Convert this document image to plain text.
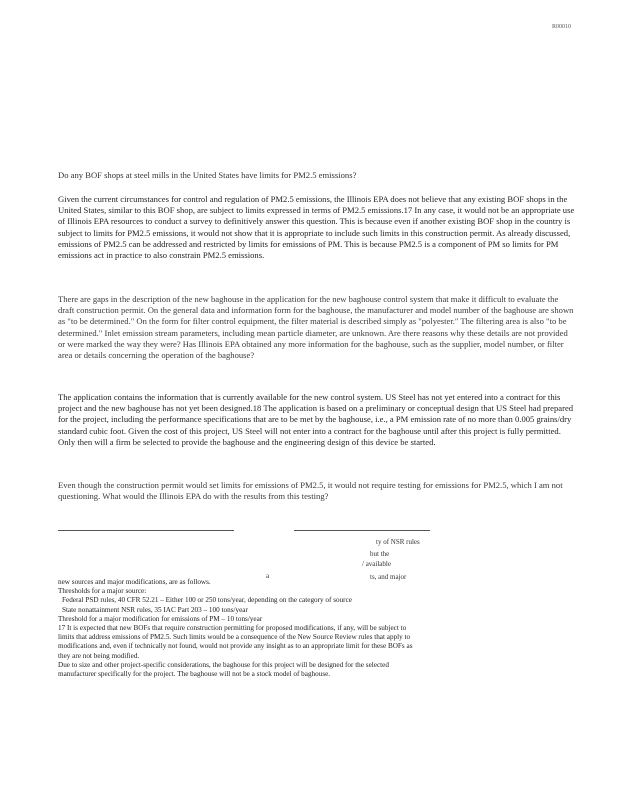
R00010
Do any BOF shops at steel mills in the United States have limits for PM2.5 emissions?
Given the current circumstances for control and regulation of PM2.5 emissions, the Illinois EPA does not believe that any existing BOF shops in the United States, similar to this BOF shop, are subject to limits expressed in terms of PM2.5 emissions.17 In any case, it would not be an appropriate use of Illinois EPA resources to conduct a survey to definitively answer this question. This is because even if another existing BOF shop in the country is subject to limits for PM2.5 emissions, it would not show that it is appropriate to include such limits in this construction permit. As already discussed, emissions of PM2.5 can be addressed and restricted by limits for emissions of PM. This is because PM2.5 is a component of PM so limits for PM emissions act in practice to also constrain PM2.5 emissions.
There are gaps in the description of the new baghouse in the application for the new baghouse control system that make it difficult to evaluate the draft construction permit. On the general data and information form for the baghouse, the manufacturer and model number of the baghouse are shown as "to be determined." On the form for filter control equipment, the filter material is described simply as "polyester." The filtering area is also "to be determined." Inlet emission stream parameters, including mean particle diameter, are unknown. Are there reasons why these details are not provided or were marked the way they were? Has Illinois EPA obtained any more information for the baghouse, such as the supplier, model number, or filter area or details concerning the operation of the baghouse?
The application contains the information that is currently available for the new control system. US Steel has not yet entered into a contract for this project and the new baghouse has not yet been designed.18 The application is based on a preliminary or conceptual design that US Steel had prepared for the project, including the performance specifications that are to be met by the baghouse, i.e., a PM emission rate of no more than 0.005 grains/dry standard cubic foot. Given the cost of this project, US Steel will not enter into a contract for the baghouse until after this project is fully permitted. Only then will a firm be selected to provide the baghouse and the engineering design of this device be started.
Even though the construction permit would set limits for emissions of PM2.5, it would not require testing for emissions for PM2.5, which I am not questioning. What would the Illinois EPA do with the results from this testing?
ty of NSR rules
but the
/ available
a	ts, and major
new sources and major modifications, are as follows.
Thresholds for a major source:
Federal PSD rules, 40 CFR 52.21 – Either 100 or 250 tons/year, depending on the category of source
State nonattainment NSR rules, 35 IAC Part 203 – 100 tons/year
Threshold for a major modification for emissions of PM – 10 tons/year
17 It is expected that new BOFs that require construction permitting for proposed modifications, if any, will be subject to
limits that address emissions of PM2.5. Such limits would be a consequence of the New Source Review rules that apply to
modifications and, even if technically not found, would not provide any insight as to an appropriate limit for these BOFs as
they are not being modified.
Due to size and other project-specific considerations, the baghouse for this project will be designed for the selected
manufacturer specifically for the project. The baghouse will not be a stock model of baghouse.
